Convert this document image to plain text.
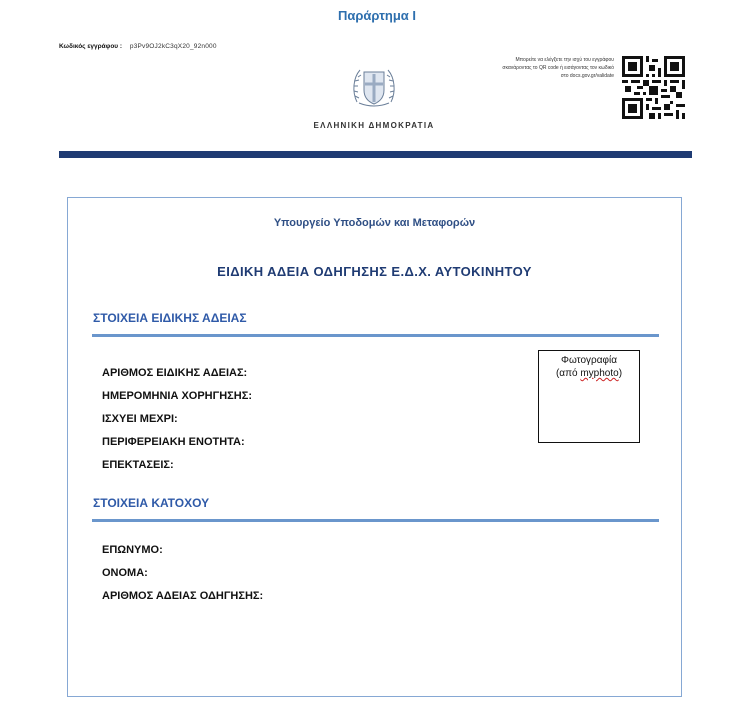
Παράρτημα Ι
Κωδικός εγγράφου : p3Pv9OJ2kC3qX20_92n000
ΕΛΛΗΝΙΚΗ ΔΗΜΟΚΡΑΤΙΑ
Μπορείτε να ελέγξετε την ισχύ του εγγράφου
σκανάροντας το QR code ή εισάγοντας τον κωδικό
στο docs.gov.gr/validate
Υπουργείο Υποδομών και Μεταφορών
ΕΙΔΙΚΗ ΑΔΕΙΑ ΟΔΗΓΗΣΗΣ Ε.Δ.Χ. ΑΥΤΟΚΙΝΗΤΟΥ
ΣΤΟΙΧΕΙΑ ΕΙΔΙΚΗΣ ΑΔΕΙΑΣ
ΑΡΙΘΜΟΣ ΕΙΔΙΚΗΣ ΑΔΕΙΑΣ:
ΗΜΕΡΟΜΗΝΙΑ ΧΟΡΗΓΗΣΗΣ:
ΙΣΧΥΕΙ ΜΕΧΡΙ:
ΠΕΡΙΦΕΡΕΙΑΚΗ ΕΝΟΤΗΤΑ:
ΕΠΕΚΤΑΣΕΙΣ:
Φωτογραφία
(από myphoto)
ΣΤΟΙΧΕΙΑ ΚΑΤΟΧΟΥ
ΕΠΩΝΥΜΟ:
ΟΝΟΜΑ:
ΑΡΙΘΜΟΣ ΑΔΕΙΑΣ ΟΔΗΓΗΣΗΣ:
